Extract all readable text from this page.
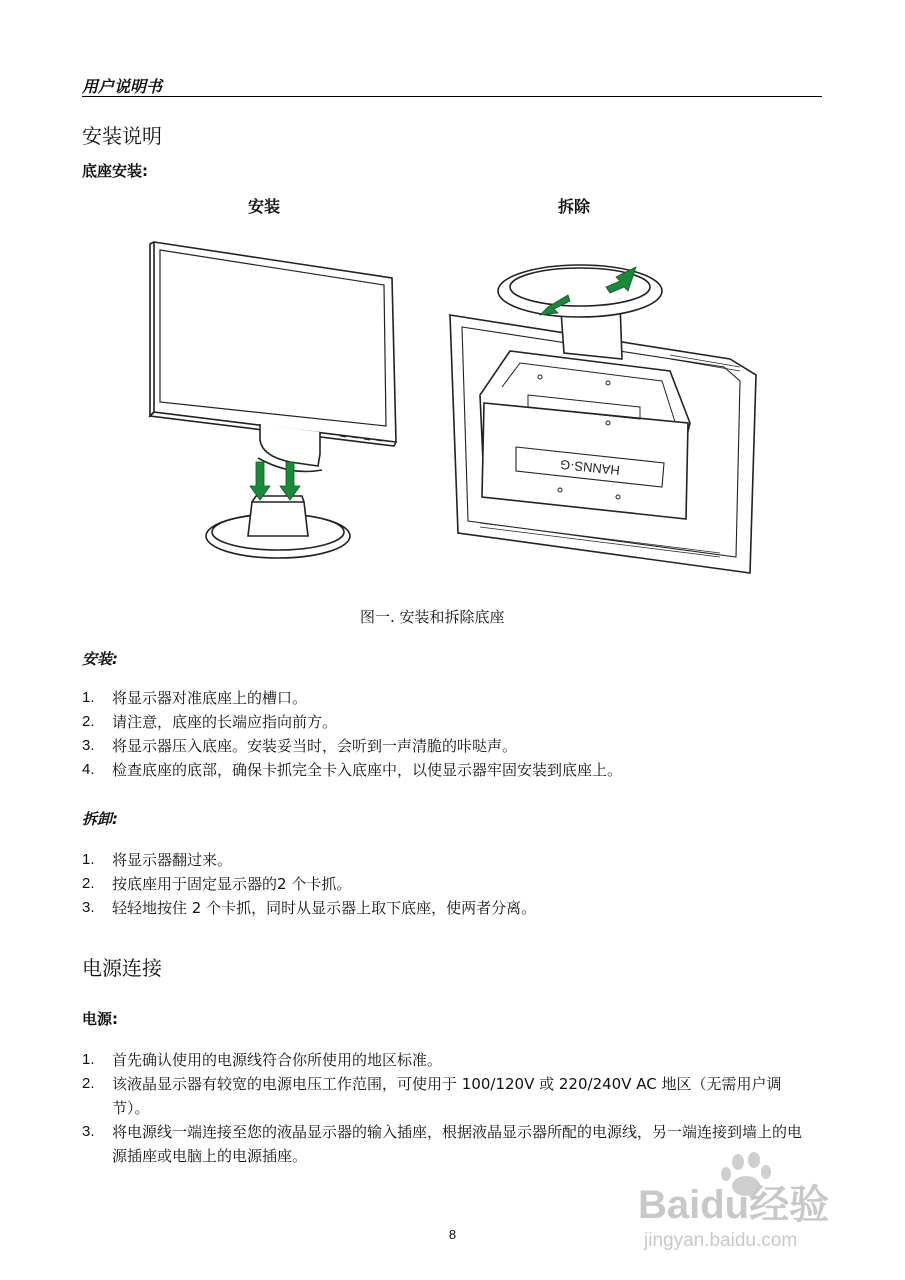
用户说明书
安装说明
底座安装:
安装	拆除
HANNS·G
图一. 安装和拆除底座
安装:
1. 将显示器对准底座上的槽口。
2. 请注意，底座的长端应指向前方。
3. 将显示器压入底座。安装妥当时，会听到一声清脆的咔哒声。
4. 检查底座的底部，确保卡抓完全卡入底座中，以使显示器牢固安装到底座上。
拆卸:
1. 将显示器翻过来。
2. 按底座用于固定显示器的2 个卡抓。
3. 轻轻地按住 2 个卡抓，同时从显示器上取下底座，使两者分离。
电源连接
电源:
1. 首先确认使用的电源线符合你所使用的地区标准。
2. 该液晶显示器有较宽的电源电压工作范围，可使用于 100/120V 或 220/240V AC 地区（无需用户调节）。
3. 将电源线一端连接至您的液晶显示器的输入插座，根据液晶显示器所配的电源线，另一端连接到墙上的电源插座或电脑上的电源插座。
8
Baidu经验
jingyan.baidu.com
